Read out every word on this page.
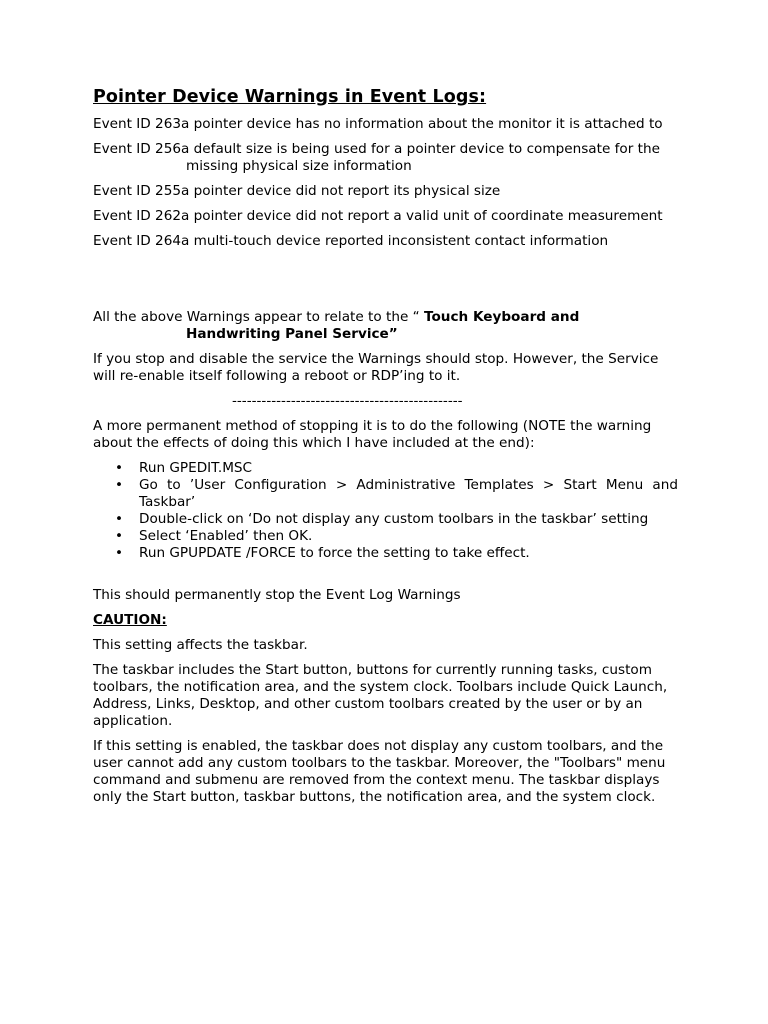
Pointer Device Warnings in Event Logs:

Event ID 263a pointer device has no information about the monitor it is attached to

Event ID 256a default size is being used for a pointer device to compensate for the missing physical size information

Event ID 255a pointer device did not report its physical size

Event ID 262a pointer device did not report a valid unit of coordinate measurement

Event ID 264a multi-touch device reported inconsistent contact information

All the above Warnings appear to relate to the “ Touch Keyboard and Handwriting Panel Service”

If you stop and disable the service the Warnings should stop. However, the Service will re-enable itself following a reboot or RDP’ing to it.

-----------------------------------------------

A more permanent method of stopping it is to do the following (NOTE the warning about the effects of doing this which I have included at the end):

• Run GPEDIT.MSC
• Go to ’User Configuration > Administrative Templates > Start Menu and Taskbar’
• Double-click on ‘Do not display any custom toolbars in the taskbar’ setting
• Select ‘Enabled’ then OK.
• Run GPUPDATE /FORCE to force the setting to take effect.

This should permanently stop the Event Log Warnings

CAUTION:

This setting affects the taskbar.

The taskbar includes the Start button, buttons for currently running tasks, custom toolbars, the notification area, and the system clock. Toolbars include Quick Launch, Address, Links, Desktop, and other custom toolbars created by the user or by an application.

If this setting is enabled, the taskbar does not display any custom toolbars, and the user cannot add any custom toolbars to the taskbar. Moreover, the "Toolbars" menu command and submenu are removed from the context menu. The taskbar displays only the Start button, taskbar buttons, the notification area, and the system clock.
